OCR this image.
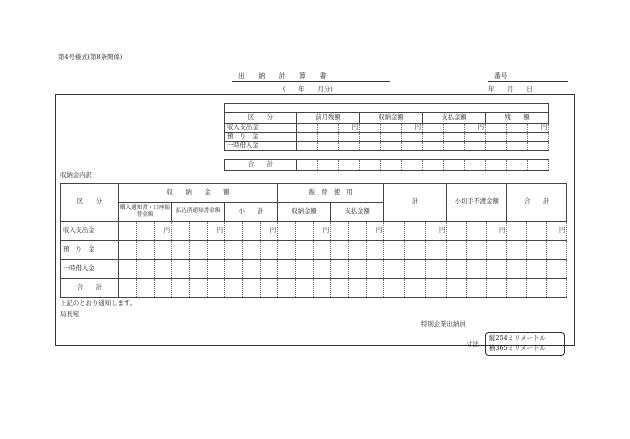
第4号様式(第8条関係)
出　　納　　計　　算　　書
(　　年　　月分)
番号
年　　月　　日

区　　分	前月残額			収納金額			支払金額			残　　額		
収入支出金			円			円			円			円
預　り　金												
一時借入金												

合　　計												
収納金内訳
区　　分	収　　納　　金　　額									振　替　使　用						計			小切手不渡金額			合　　計		
	購入通知書・口座振替金額			払込済通知書金額			小　　計			収納金額			支払金額											
収入支出金			円			円			円			円			円			円			円			円
預　り　金																								
一時借入金																								
合　　計																								
上記のとおり通知します。
局長宛
特別企業出納員
寸法
縦254ミリメートル
横365ミリメートル
